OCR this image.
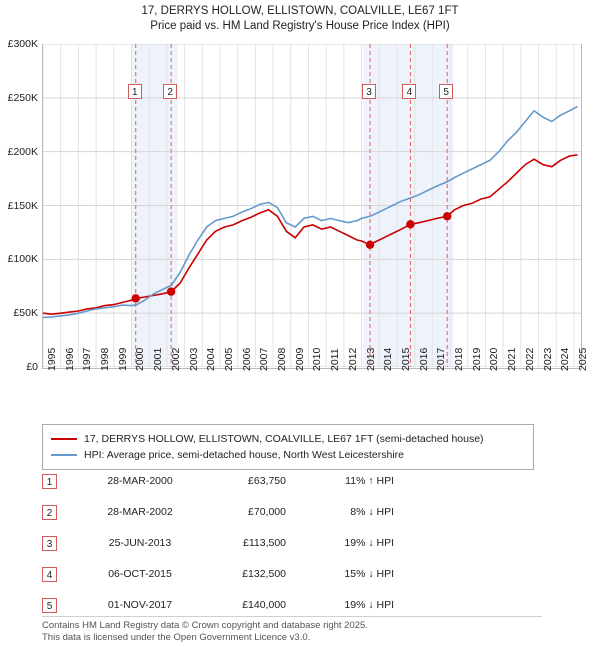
17, DERRYS HOLLOW, ELLISTOWN, COALVILLE, LE67 1FT
Price paid vs. HM Land Registry's House Price Index (HPI)
£0
£50K
£100K
£150K
£200K
£250K
£300K
1995 1996 1997 1998 1999 2000 2001 2002 2003 2004 2005 2006 2007 2008 2009 2010 2011 2012 2013 2014 2015 2016 2017 2018 2019 2020 2021 2022 2023 2024 2025
1	2	3	4	5
17, DERRYS HOLLOW, ELLISTOWN, COALVILLE, LE67 1FT (semi-detached house)
HPI: Average price, semi-detached house, North West Leicestershire
1	28-MAR-2000	£63,750	11% ↑ HPI
2	28-MAR-2002	£70,000	8% ↓ HPI
3	25-JUN-2013	£113,500	19% ↓ HPI
4	06-OCT-2015	£132,500	15% ↓ HPI
5	01-NOV-2017	£140,000	19% ↓ HPI
Contains HM Land Registry data © Crown copyright and database right 2025.
This data is licensed under the Open Government Licence v3.0.
